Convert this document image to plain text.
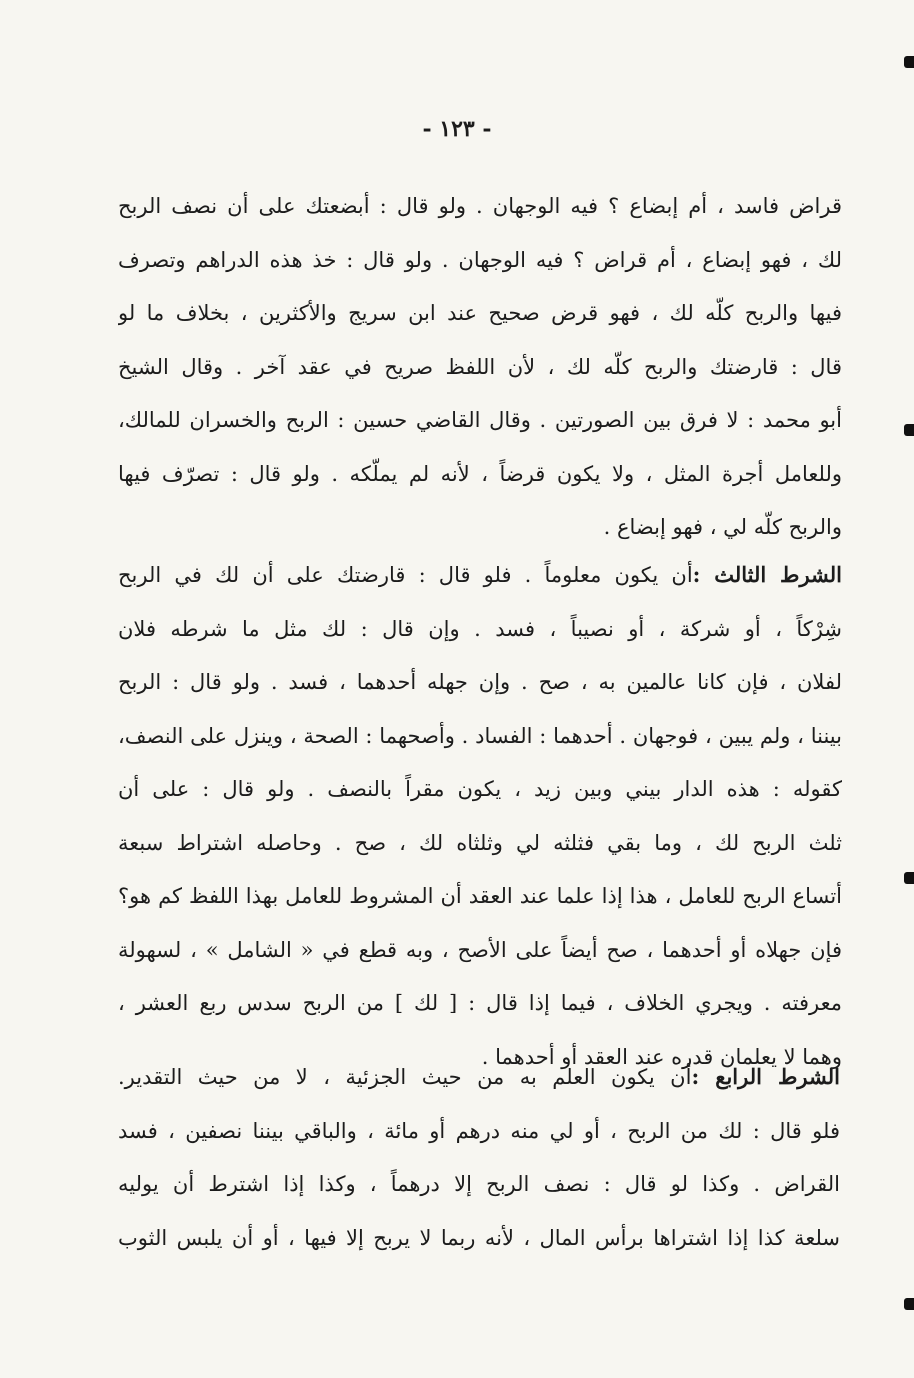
- ١٢٣ -
قراض فاسد ، أم إبضاع ؟ فيه الوجهان . ولو قال : أبضعتك على أن نصف الربح
لك ، فهو إبضاع ، أم قراض ؟ فيه الوجهان . ولو قال : خذ هذه الدراهم وتصرف
فيها والربح كلّه لك ، فهو قرض صحيح عند ابن سريج والأكثرين ، بخلاف ما لو
قال : قارضتك والربح كلّه لك ، لأن اللفظ صريح في عقد آخر . وقال الشيخ
أبو محمد : لا فرق بين الصورتين . وقال القاضي حسين : الربح والخسران للمالك،
وللعامل أجرة المثل ، ولا يكون قرضاً ، لأنه لم يملّكه . ولو قال : تصرّف فيها
والربح كلّه لي ، فهو إبضاع .
الشرط الثالث :أن يكون معلوماً . فلو قال : قارضتك على أن لك في الربح
شِرْكاً ، أو شركة ، أو نصيباً ، فسد . وإن قال : لك مثل ما شرطه فلان
لفلان ، فإن كانا عالمين به ، صح . وإن جهله أحدهما ، فسد . ولو قال : الربح
بيننا ، ولم يبين ، فوجهان . أحدهما : الفساد . وأصحهما : الصحة ، وينزل على النصف،
كقوله : هذه الدار بيني وبين زيد ، يكون مقراً بالنصف . ولو قال : على أن
ثلث الربح لك ، وما بقي فثلثه لي وثلثاه لك ، صح . وحاصله اشتراط سبعة
أتساع الربح للعامل ، هذا إذا علما عند العقد أن المشروط للعامل بهذا اللفظ كم هو؟
فإن جهلاه أو أحدهما ، صح أيضاً على الأصح ، وبه قطع في « الشامل » ، لسهولة
معرفته . ويجري الخلاف ، فيما إذا قال : [ لك ] من الربح سدس ربع العشر ،
وهما لا يعلمان قدره عند العقد أو أحدهما .
الشرط الرابع :أن يكون العلم به من حيث الجزئية ، لا من حيث التقدير.
فلو قال : لك من الربح ، أو لي منه درهم أو مائة ، والباقي بيننا نصفين ، فسد
القراض . وكذا لو قال : نصف الربح إلا درهماً ، وكذا إذا اشترط أن يوليه
سلعة كذا إذا اشتراها برأس المال ، لأنه ربما لا يربح إلا فيها ، أو أن يلبس الثوب
